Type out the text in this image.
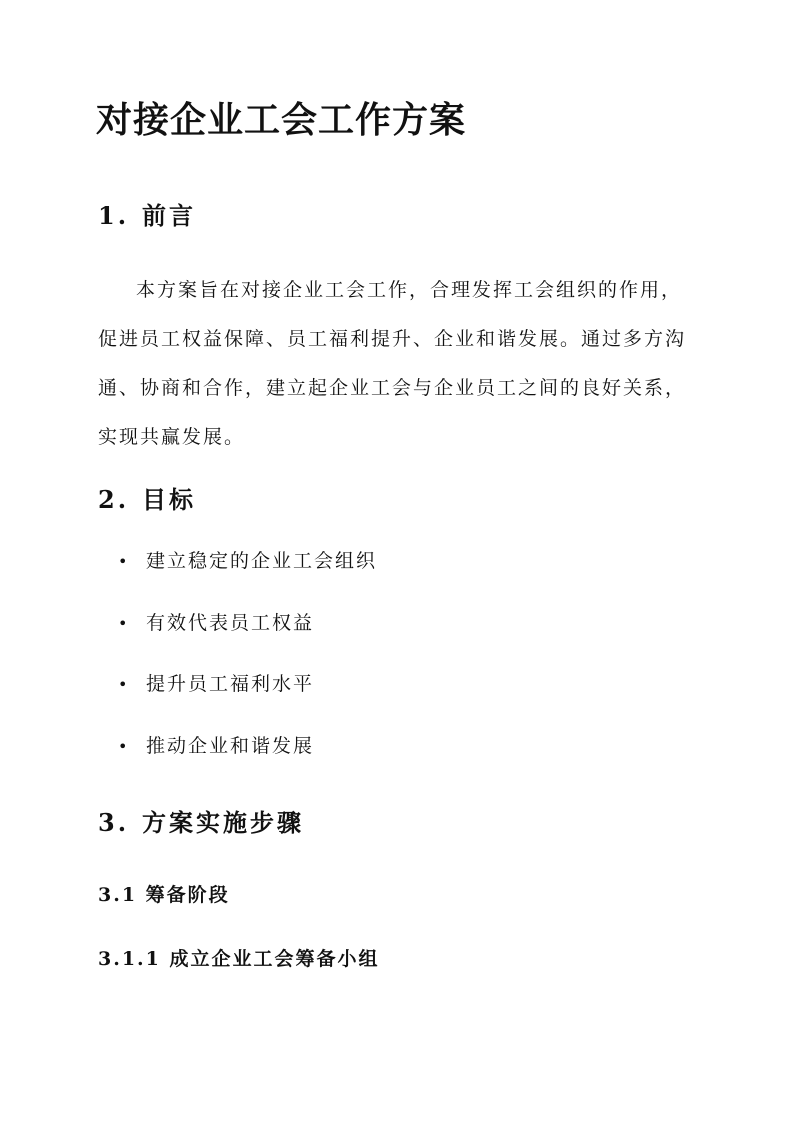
对接企业工会工作方案
1. 前言

本方案旨在对接企业工会工作，合理发挥工会组织的作用，促进员工权益保障、员工福利提升、企业和谐发展。通过多方沟通、协商和合作，建立起企业工会与企业员工之间的良好关系，实现共赢发展。

2. 目标
• 建立稳定的企业工会组织
• 有效代表员工权益
• 提升员工福利水平
• 推动企业和谐发展
3. 方案实施步骤
3.1 筹备阶段
3.1.1 成立企业工会筹备小组
